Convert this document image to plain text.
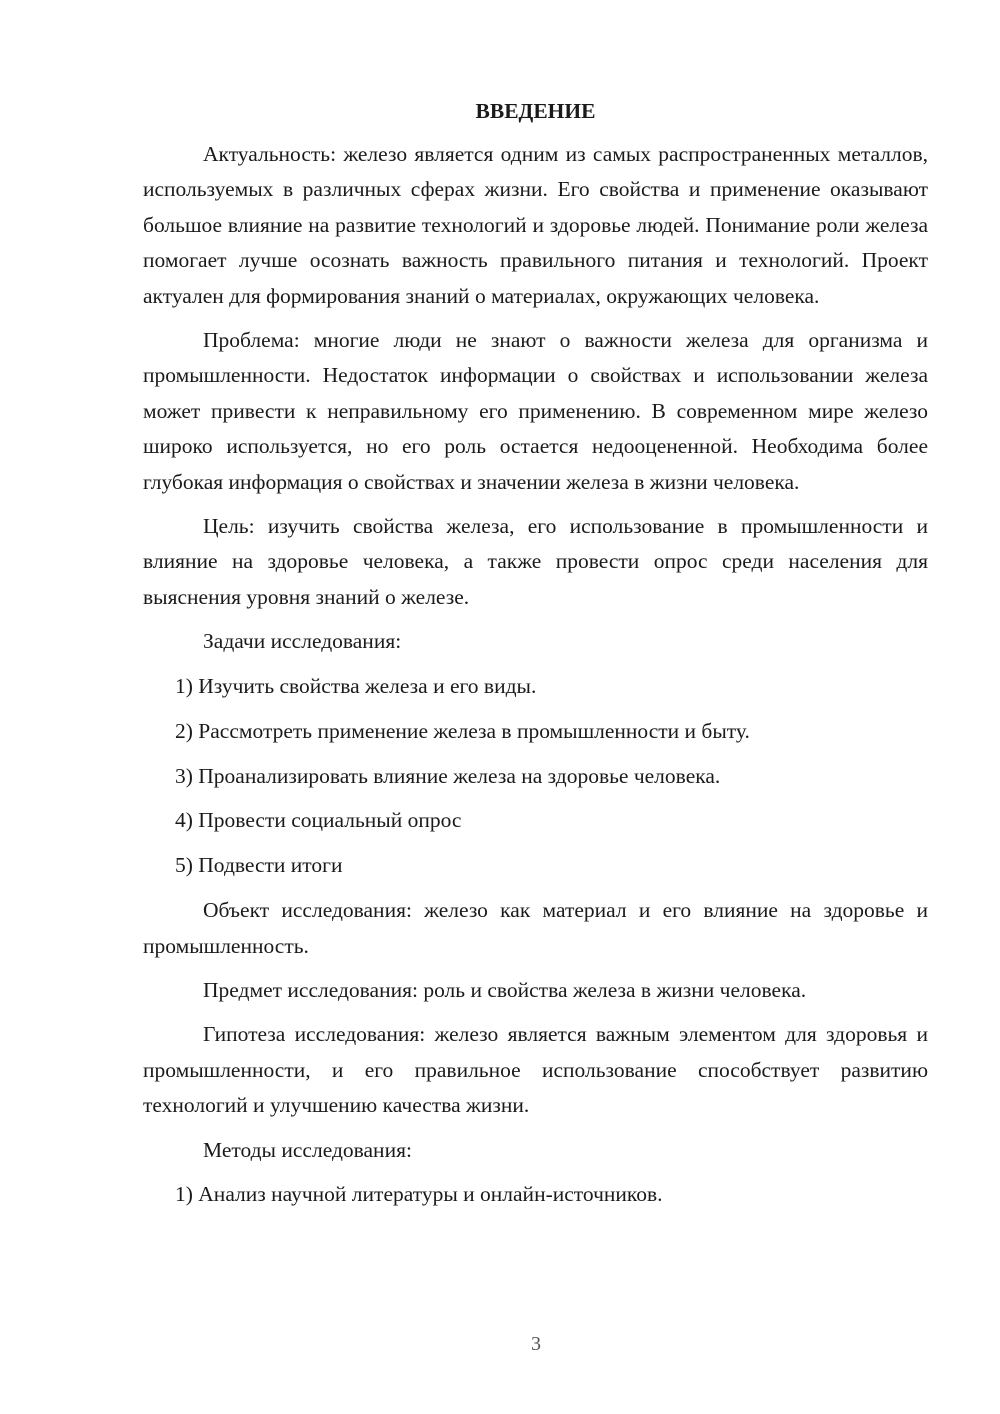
ВВЕДЕНИЕ
Актуальность: железо является одним из самых распространенных металлов, используемых в различных сферах жизни. Его свойства и применение оказывают большое влияние на развитие технологий и здоровье людей. Понимание роли железа помогает лучше осознать важность правильного питания и технологий. Проект актуален для формирования знаний о материалах, окружающих человека.
Проблема: многие люди не знают о важности железа для организма и промышленности. Недостаток информации о свойствах и использовании железа может привести к неправильному его применению. В современном мире железо широко используется, но его роль остается недооцененной. Необходима более глубокая информация о свойствах и значении железа в жизни человека.
Цель: изучить свойства железа, его использование в промышленности и влияние на здоровье человека, а также провести опрос среди населения для выяснения уровня знаний о железе.
Задачи исследования:
1) Изучить свойства железа и его виды.
2) Рассмотреть применение железа в промышленности и быту.
3) Проанализировать влияние железа на здоровье человека.
4) Провести социальный опрос
5) Подвести итоги
Объект исследования: железо как материал и его влияние на здоровье и промышленность.
Предмет исследования: роль и свойства железа в жизни человека.
Гипотеза исследования: железо является важным элементом для здоровья и промышленности, и его правильное использование способствует развитию технологий и улучшению качества жизни.
Методы исследования:
1) Анализ научной литературы и онлайн-источников.
3
